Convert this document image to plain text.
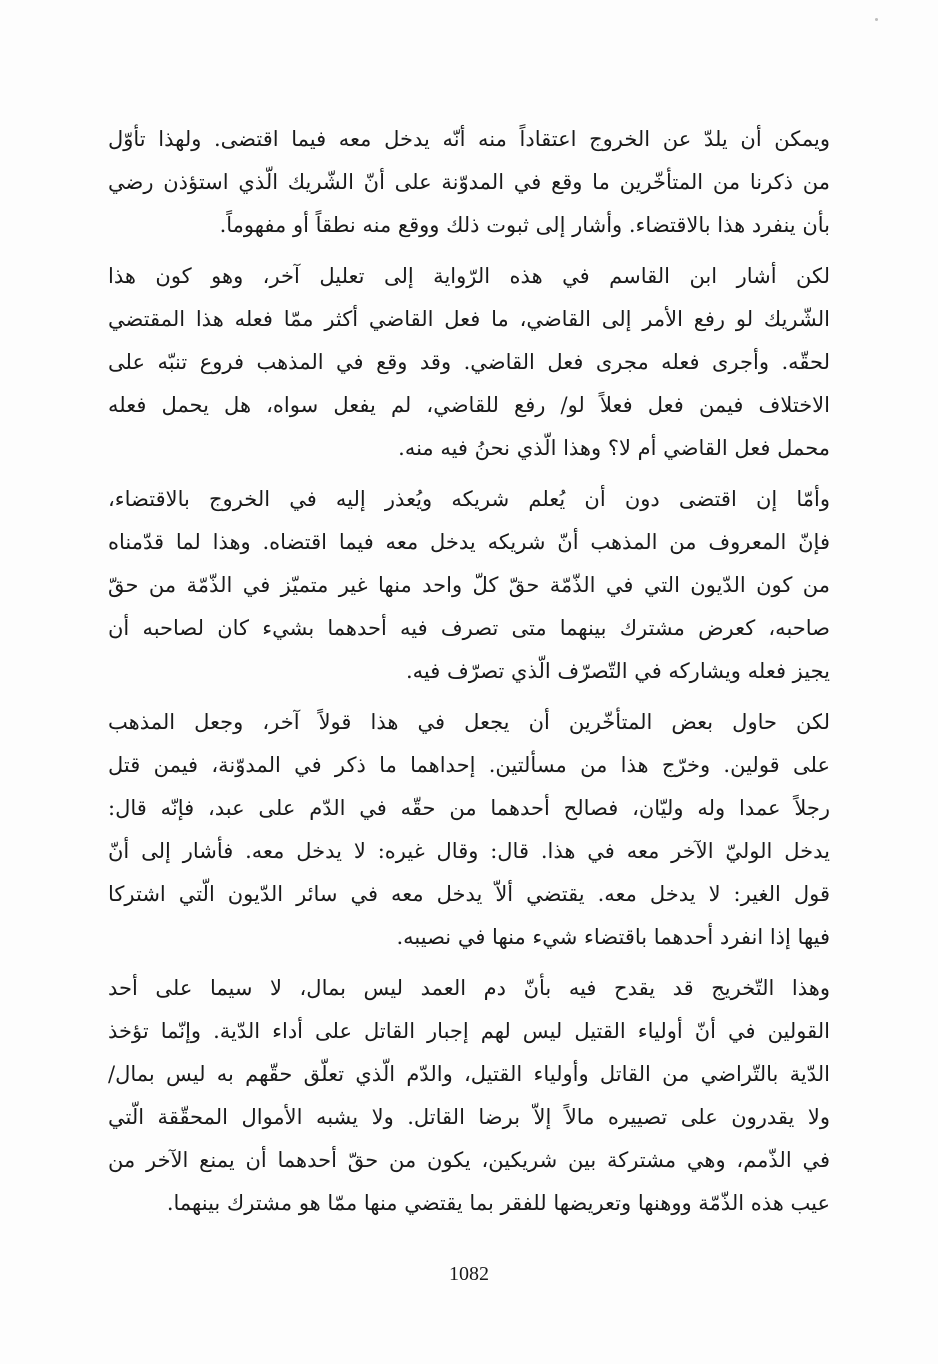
ويمكن أن يلدّ عن الخروج اعتقاداً منه أنّه يدخل معه فيما اقتضى. ولهذا تأوّل
من ذكرنا من المتأخّرين ما وقع في المدوّنة على أنّ الشّريك الّذي استؤذن رضي
بأن ينفرد هذا بالاقتضاء. وأشار إلى ثبوت ذلك ووقع منه نطقاً أو مفهوماً.
لكن أشار ابن القاسم في هذه الرّواية إلى تعليل آخر، وهو كون هذا
الشّريك لو رفع الأمر إلى القاضي، ما فعل القاضي أكثر ممّا فعله هذا المقتضي
لحقّه. وأجرى فعله مجرى فعل القاضي. وقد وقع في المذهب فروع تنبّه على
الاختلاف فيمن فعل فعلاً لو/ رفع للقاضي، لم يفعل سواه، هل يحمل فعله
محمل فعل القاضي أم لا؟ وهذا الّذي نحنُ فيه منه.
وأمّا إن اقتضى دون أن يُعلم شريكه ويُعذر إليه في الخروج بالاقتضاء،
فإنّ المعروف من المذهب أنّ شريكه يدخل معه فيما اقتضاه. وهذا لما قدّمناه
من كون الدّيون التي في الذّمّة حقّ كلّ واحد منها غير متميّز في الذّمّة من حقّ
صاحبه، كعرض مشترك بينهما متى تصرف فيه أحدهما بشيء كان لصاحبه أن
يجيز فعله ويشاركه في التّصرّف الّذي تصرّف فيه.
لكن حاول بعض المتأخّرين أن يجعل في هذا قولاً آخر، وجعل المذهب
على قولين. وخرّج هذا من مسألتين. إحداهما ما ذكر في المدوّنة، فيمن قتل
رجلاً عمدا وله وليّان، فصالح أحدهما من حقّه في الدّم على عبد، فإنّه قال:
يدخل الوليّ الآخر معه في هذا. قال: وقال غيره: لا يدخل معه. فأشار إلى أنّ
قول الغير: لا يدخل معه. يقتضي ألاّ يدخل معه في سائر الدّيون الّتي اشتركا
فيها إذا انفرد أحدهما باقتضاء شيء منها في نصيبه.
وهذا التّخريج قد يقدح فيه بأنّ دم العمد ليس بمال، لا سيما على أحد
القولين في أنّ أولياء القتيل ليس لهم إجبار القاتل على أداء الدّية. وإنّما تؤخذ
الدّية بالتّراضي من القاتل وأولياء القتيل، والدّم الّذي تعلّق حقّهم به ليس بمال/
ولا يقدرون على تصييره مالاً إلاّ برضا القاتل. ولا يشبه الأموال المحقّقة الّتي
في الذّمم، وهي مشتركة بين شريكين، يكون من حقّ أحدهما أن يمنع الآخر من
عيب هذه الذّمّة ووهنها وتعريضها للفقر بما يقتضي منها ممّا هو مشترك بينهما.
1082
